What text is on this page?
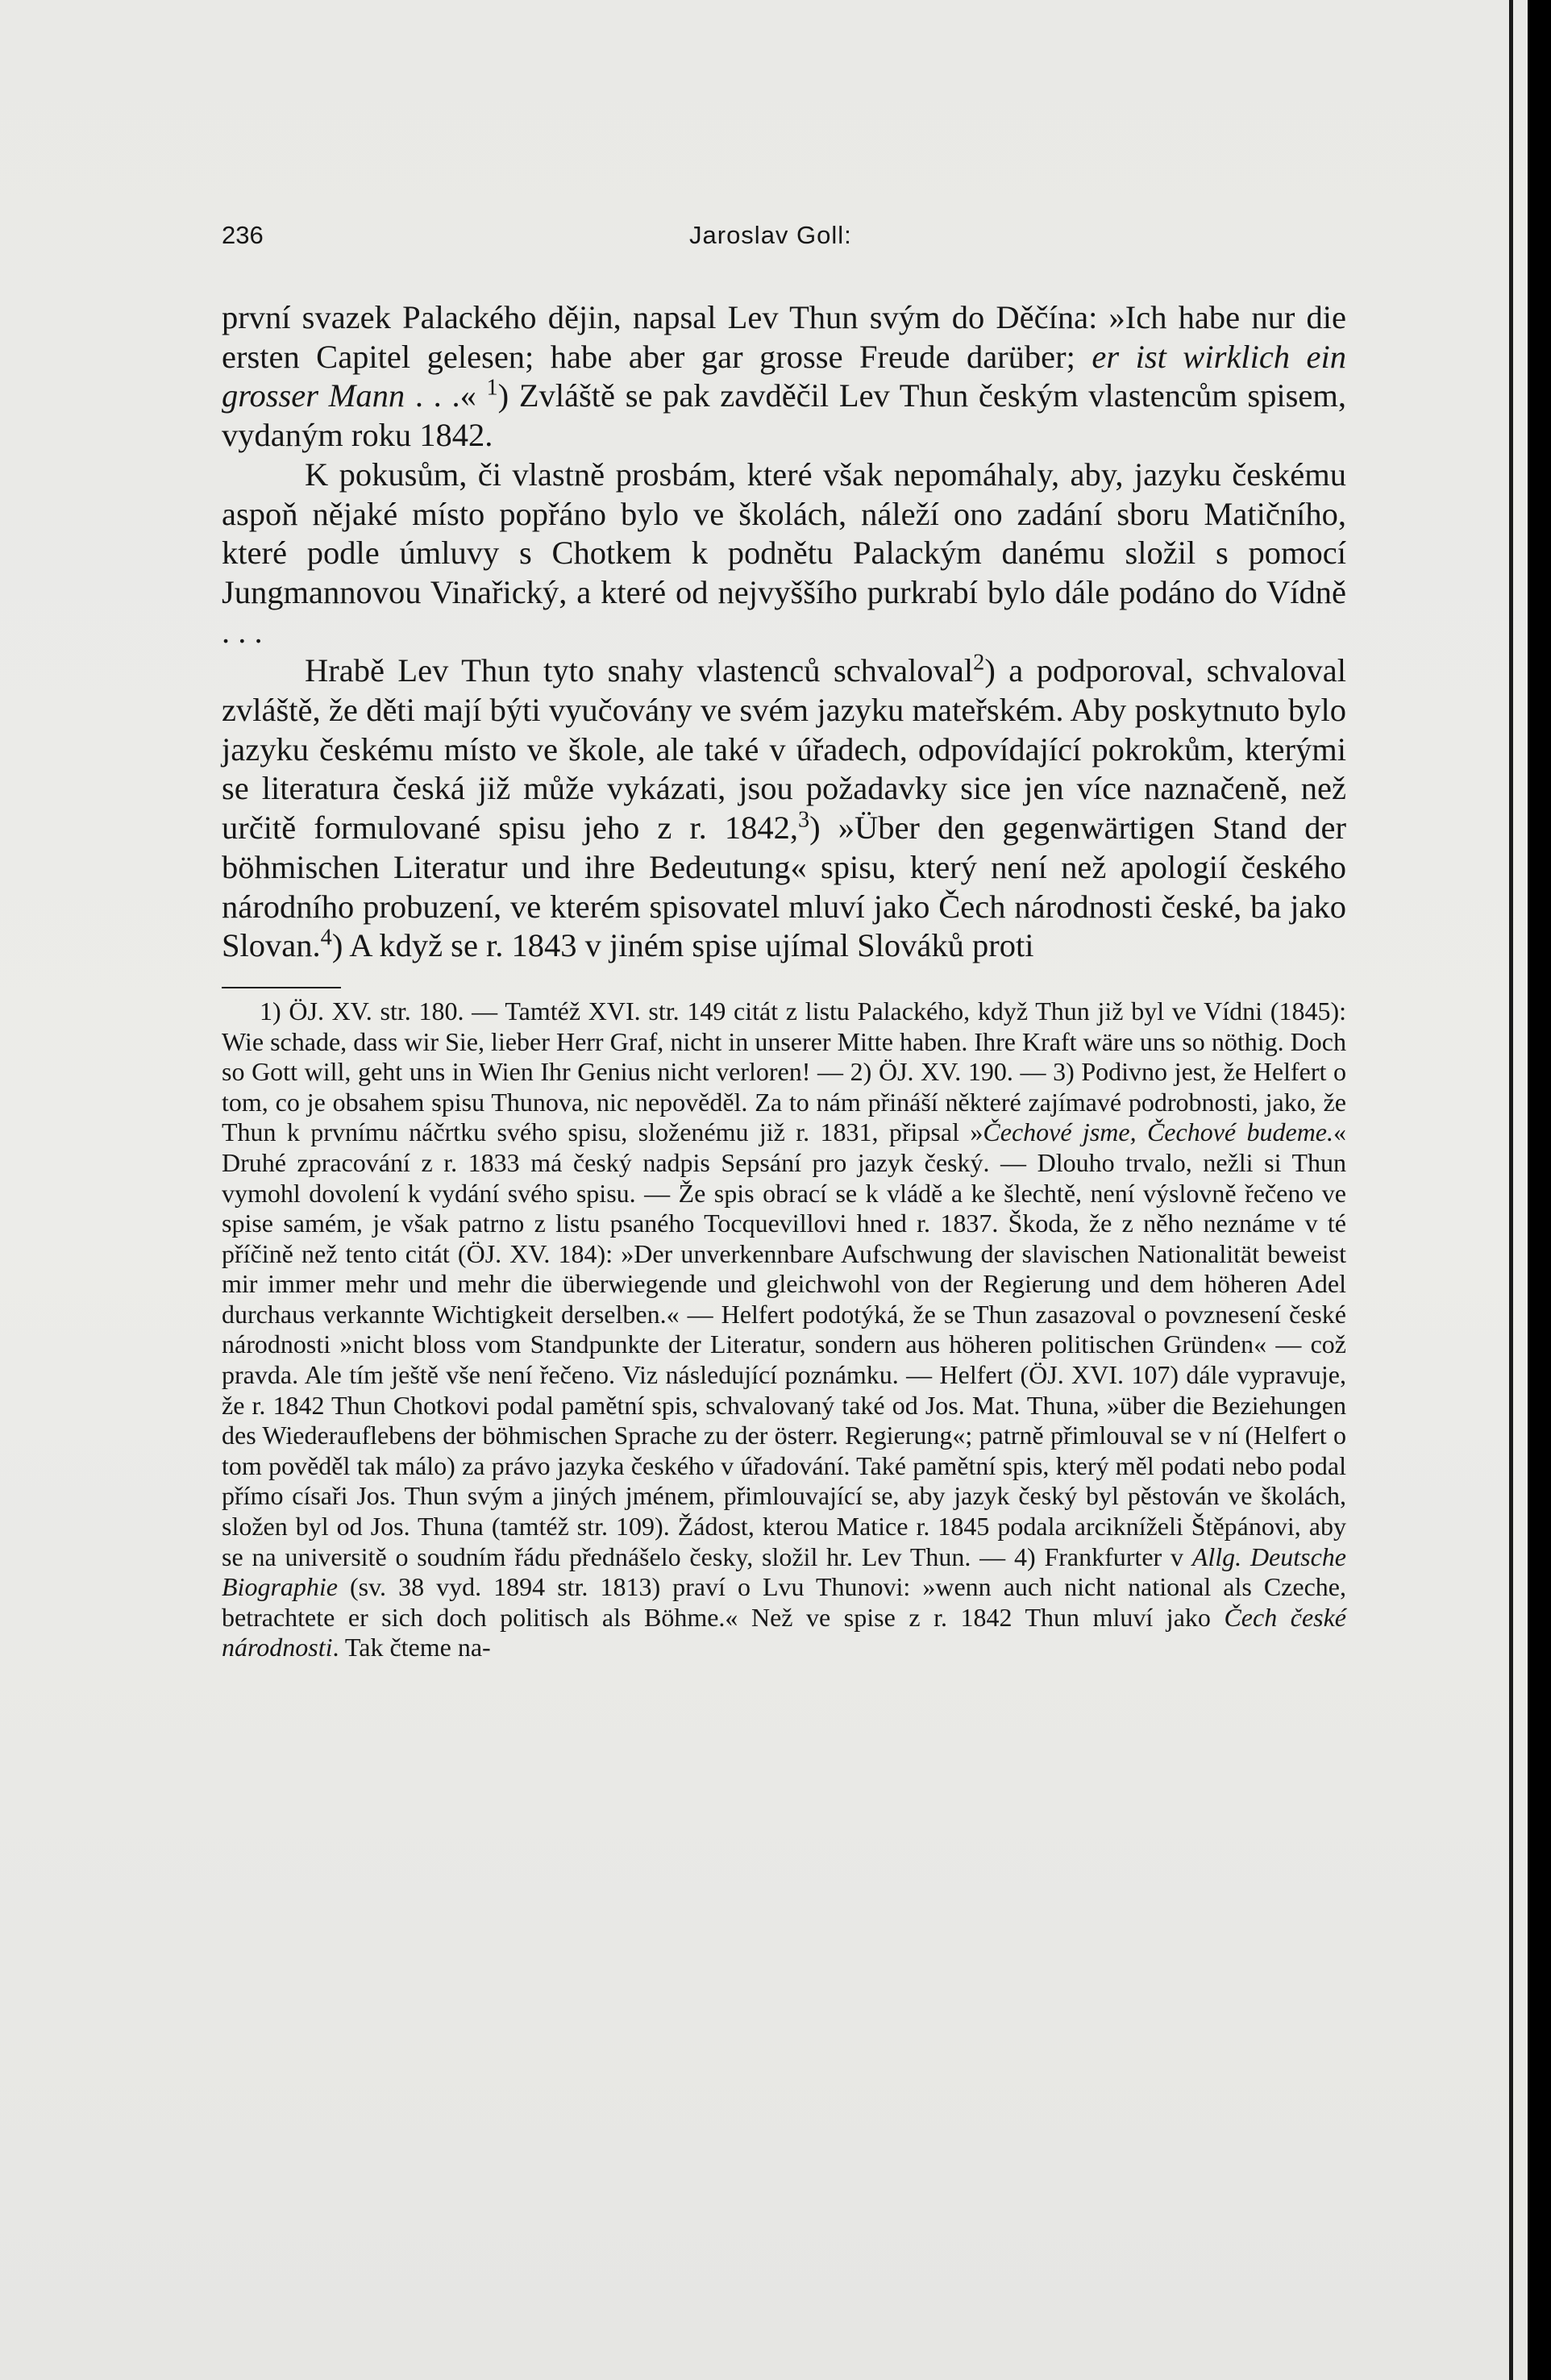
236	Jaroslav Goll:

první svazek Palackého dějin, napsal Lev Thun svým do Děčína: »Ich habe nur die ersten Capitel gelesen; habe aber gar grosse Freude darüber; er ist wirklich ein grosser Mann . . .« $^1$) Zvláště se pak zavděčil Lev Thun českým vlastencům spisem, vydaným roku 1842.

K pokusům, či vlastně prosbám, které však nepomáhaly, aby, jazyku českému aspoň nějaké místo popřáno bylo ve školách, náleží ono zadání sboru Matičního, které podle úmluvy s Chotkem k podnětu Palackým danému složil s pomocí Jungmannovou Vinařický, a které od nejvyššího purkrabí bylo dále podáno do Vídně . . .

Hrabě Lev Thun tyto snahy vlastenců schvaloval$^2$) a podporoval, schvaloval zvláště, že děti mají býti vyučovány ve svém jazyku mateřském. Aby poskytnuto bylo jazyku českému místo ve škole, ale také v úřadech, odpovídající pokrokům, kterými se literatura česká již může vykázati, jsou požadavky sice jen více naznačeně, než určitě formulované spisu jeho z r. 1842,$^3$) »Über den gegenwärtigen Stand der böhmischen Literatur und ihre Bedeutung« spisu, který není než apologií českého národního probuzení, ve kterém spisovatel mluví jako Čech národnosti české, ba jako Slovan.$^4$) A když se r. 1843 v jiném spise ujímal Slováků proti

1) ÖJ. XV. str. 180. — Tamtéž XVI. str. 149 citát z listu Palackého, když Thun již byl ve Vídni (1845): Wie schade, dass wir Sie, lieber Herr Graf, nicht in unserer Mitte haben. Ihre Kraft wäre uns so nöthig. Doch so Gott will, geht uns in Wien Ihr Genius nicht verloren! — 2) ÖJ. XV. 190. — 3) Podivno jest, že Helfert o tom, co je obsahem spisu Thunova, nic nepověděl. Za to nám přináší některé zajímavé podrobnosti, jako, že Thun k prvnímu náčrtku svého spisu, složenému již r. 1831, připsal »Čechové jsme, Čechové budeme.« Druhé zpracování z r. 1833 má český nadpis Sepsání pro jazyk český. — Dlouho trvalo, nežli si Thun vymohl dovolení k vydání svého spisu. — Že spis obrací se k vládě a ke šlechtě, není výslovně řečeno ve spise samém, je však patrno z listu psaného Tocquevillovi hned r. 1837. Škoda, že z něho neznáme v té příčině než tento citát (ÖJ. XV. 184): »Der unverkennbare Aufschwung der slavischen Nationalität beweist mir immer mehr und mehr die überwiegende und gleichwohl von der Regierung und dem höheren Adel durchaus verkannte Wichtigkeit derselben.« — Helfert podotýká, že se Thun zasazoval o povznesení české národnosti »nicht bloss vom Standpunkte der Literatur, sondern aus höheren politischen Gründen« — což pravda. Ale tím ještě vše není řečeno. Viz následující poznámku. — Helfert (ÖJ. XVI. 107) dále vypravuje, že r. 1842 Thun Chotkovi podal pamětní spis, schvalovaný také od Jos. Mat. Thuna, »über die Beziehungen des Wiederauflebens der böhmischen Sprache zu der österr. Regierung«; patrně přimlouval se v ní (Helfert o tom pověděl tak málo) za právo jazyka českého v úřadování. Také pamětní spis, který měl podati nebo podal přímo císaři Jos. Thun svým a jiných jménem, přimlouvající se, aby jazyk český byl pěstován ve školách, složen byl od Jos. Thuna (tamtéž str. 109). Žádost, kterou Matice r. 1845 podala arcikníželi Štěpánovi, aby se na universitě o soudním řádu přednášelo česky, složil hr. Lev Thun. — 4) Frankfurter v Allg. Deutsche Biographie (sv. 38 vyd. 1894 str. 1813) praví o Lvu Thunovi: »wenn auch nicht national als Czeche, betrachtete er sich doch politisch als Böhme.« Než ve spise z r. 1842 Thun mluví jako Čech české národnosti. Tak čteme na-
